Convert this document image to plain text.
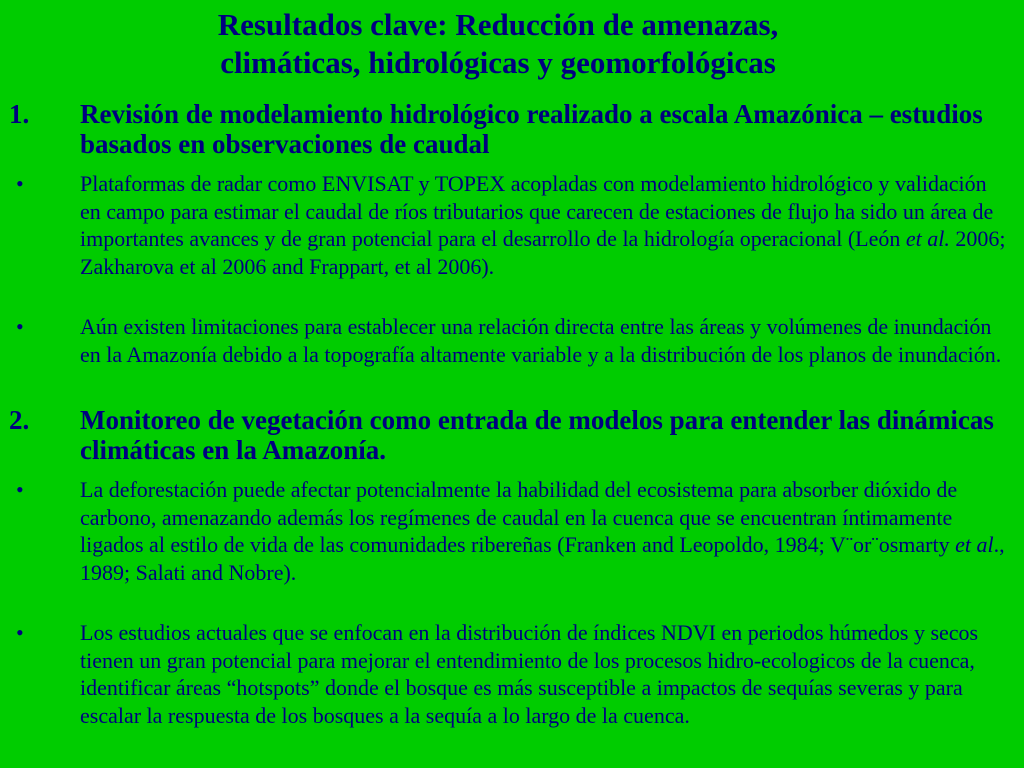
Resultados clave: Reducción de amenazas,
climáticas, hidrológicas y geomorfológicas
1. Revisión de modelamiento hidrológico realizado a escala Amazónica – estudios basados en observaciones de caudal
•	Plataformas de radar como ENVISAT y TOPEX acopladas con modelamiento hidrológico y validación en campo para estimar el caudal de ríos tributarios que carecen de estaciones de flujo ha sido un área de importantes avances y de gran potencial para el desarrollo de la hidrología operacional (León et al. 2006; Zakharova et al 2006 and Frappart, et al 2006).
•	Aún existen limitaciones para establecer una relación directa entre las áreas y volúmenes de inundación en la Amazonía debido a la topografía altamente variable y a la distribución de los planos de inundación.
2. Monitoreo de vegetación como entrada de modelos para entender las dinámicas climáticas en la Amazonía.
•	La deforestación puede afectar potencialmente la habilidad del ecosistema para absorber dióxido de carbono, amenazando además los regímenes de caudal en la cuenca que se encuentran íntimamente ligados al estilo de vida de las comunidades ribereñas (Franken and Leopoldo, 1984; V¨or¨osmarty et al., 1989; Salati and Nobre).
•	Los estudios actuales que se enfocan en la distribución de índices NDVI en periodos húmedos y secos tienen un gran potencial para mejorar el entendimiento de los procesos hidro-ecologicos de la cuenca, identificar áreas “hotspots” donde el bosque es más susceptible a impactos de sequías severas y para escalar la respuesta de los bosques a la sequía a lo largo de la cuenca.
